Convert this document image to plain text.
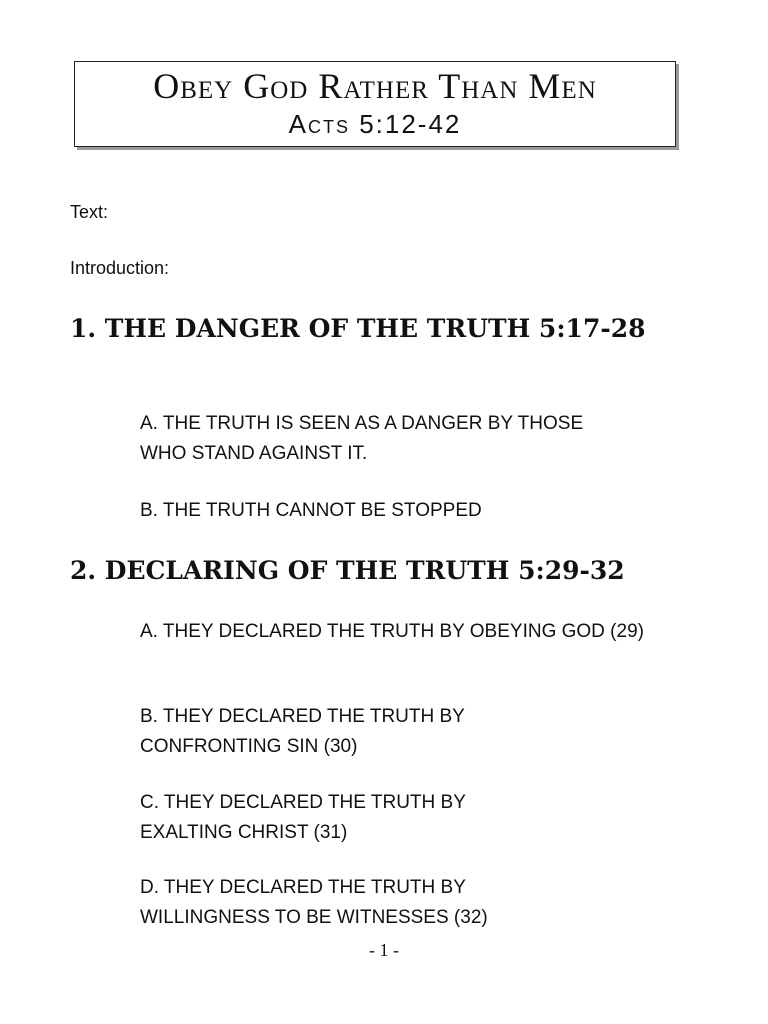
Obey God Rather Than Men
Acts 5:12-42
Text:
Introduction:
1. THE DANGER OF THE TRUTH 5:17-28
A. THE TRUTH IS SEEN AS A DANGER BY THOSE WHO STAND AGAINST IT.
B. THE TRUTH CANNOT BE STOPPED
2. DECLARING OF THE TRUTH 5:29-32
A. THEY DECLARED THE TRUTH BY OBEYING GOD (29)
B. THEY DECLARED THE TRUTH BY CONFRONTING SIN (30)
C. THEY DECLARED THE TRUTH BY EXALTING CHRIST (31)
D. THEY DECLARED THE TRUTH BY WILLINGNESS TO BE WITNESSES (32)
- 1 -
